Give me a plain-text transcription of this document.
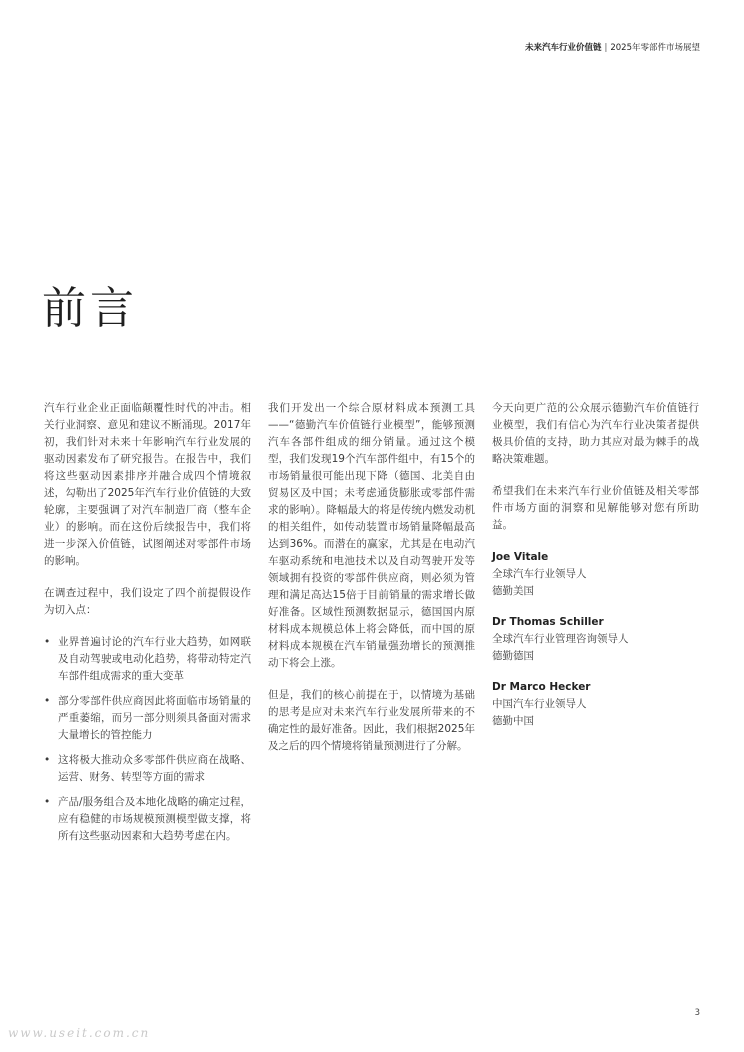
未来汽车行业价值链 | 2025年零部件市场展望
前言

汽车行业企业正面临颠覆性时代的冲击。相关行业洞察、意见和建议不断涌现。2017年初，我们针对未来十年影响汽车行业发展的驱动因素发布了研究报告。在报告中，我们将这些驱动因素排序并融合成四个情境叙述，勾勒出了2025年汽车行业价值链的大致轮廓，主要强调了对汽车制造厂商（整车企业）的影响。而在这份后续报告中，我们将进一步深入价值链，试图阐述对零部件市场的影响。

在调查过程中，我们设定了四个前提假设作为切入点：

• 业界普遍讨论的汽车行业大趋势，如网联及自动驾驶或电动化趋势，将带动特定汽车部件组成需求的重大变革
• 部分零部件供应商因此将面临市场销量的严重萎缩，而另一部分则须具备面对需求大量增长的管控能力
• 这将极大推动众多零部件供应商在战略、运营、财务、转型等方面的需求
• 产品/服务组合及本地化战略的确定过程，应有稳健的市场规模预测模型做支撑，将所有这些驱动因素和大趋势考虑在内。

我们开发出一个综合原材料成本预测工具——“德勤汽车价值链行业模型”，能够预测汽车各部件组成的细分销量。通过这个模型，我们发现19个汽车部件组中，有15个的市场销量很可能出现下降（德国、北美自由贸易区及中国；未考虑通货膨胀或零部件需求的影响）。降幅最大的将是传统内燃发动机的相关组件，如传动装置市场销量降幅最高达到36%。而潜在的赢家，尤其是在电动汽车驱动系统和电池技术以及自动驾驶开发等领域拥有投资的零部件供应商，则必须为管理和满足高达15倍于目前销量的需求增长做好准备。区域性预测数据显示，德国国内原材料成本规模总体上将会降低，而中国的原材料成本规模在汽车销量强劲增长的预测推动下将会上涨。

但是，我们的核心前提在于，以情境为基础的思考是应对未来汽车行业发展所带来的不确定性的最好准备。因此，我们根据2025年及之后的四个情境将销量预测进行了分解。

今天向更广范的公众展示德勤汽车价值链行业模型，我们有信心为汽车行业决策者提供极具价值的支持，助力其应对最为棘手的战略决策难题。

希望我们在未来汽车行业价值链及相关零部件市场方面的洞察和见解能够对您有所助益。

Joe Vitale
全球汽车行业领导人
德勤美国
Dr Thomas Schiller
全球汽车行业管理咨询领导人
德勤德国
Dr Marco Hecker
中国汽车行业领导人
德勤中国
3
www.useit.com.cn
